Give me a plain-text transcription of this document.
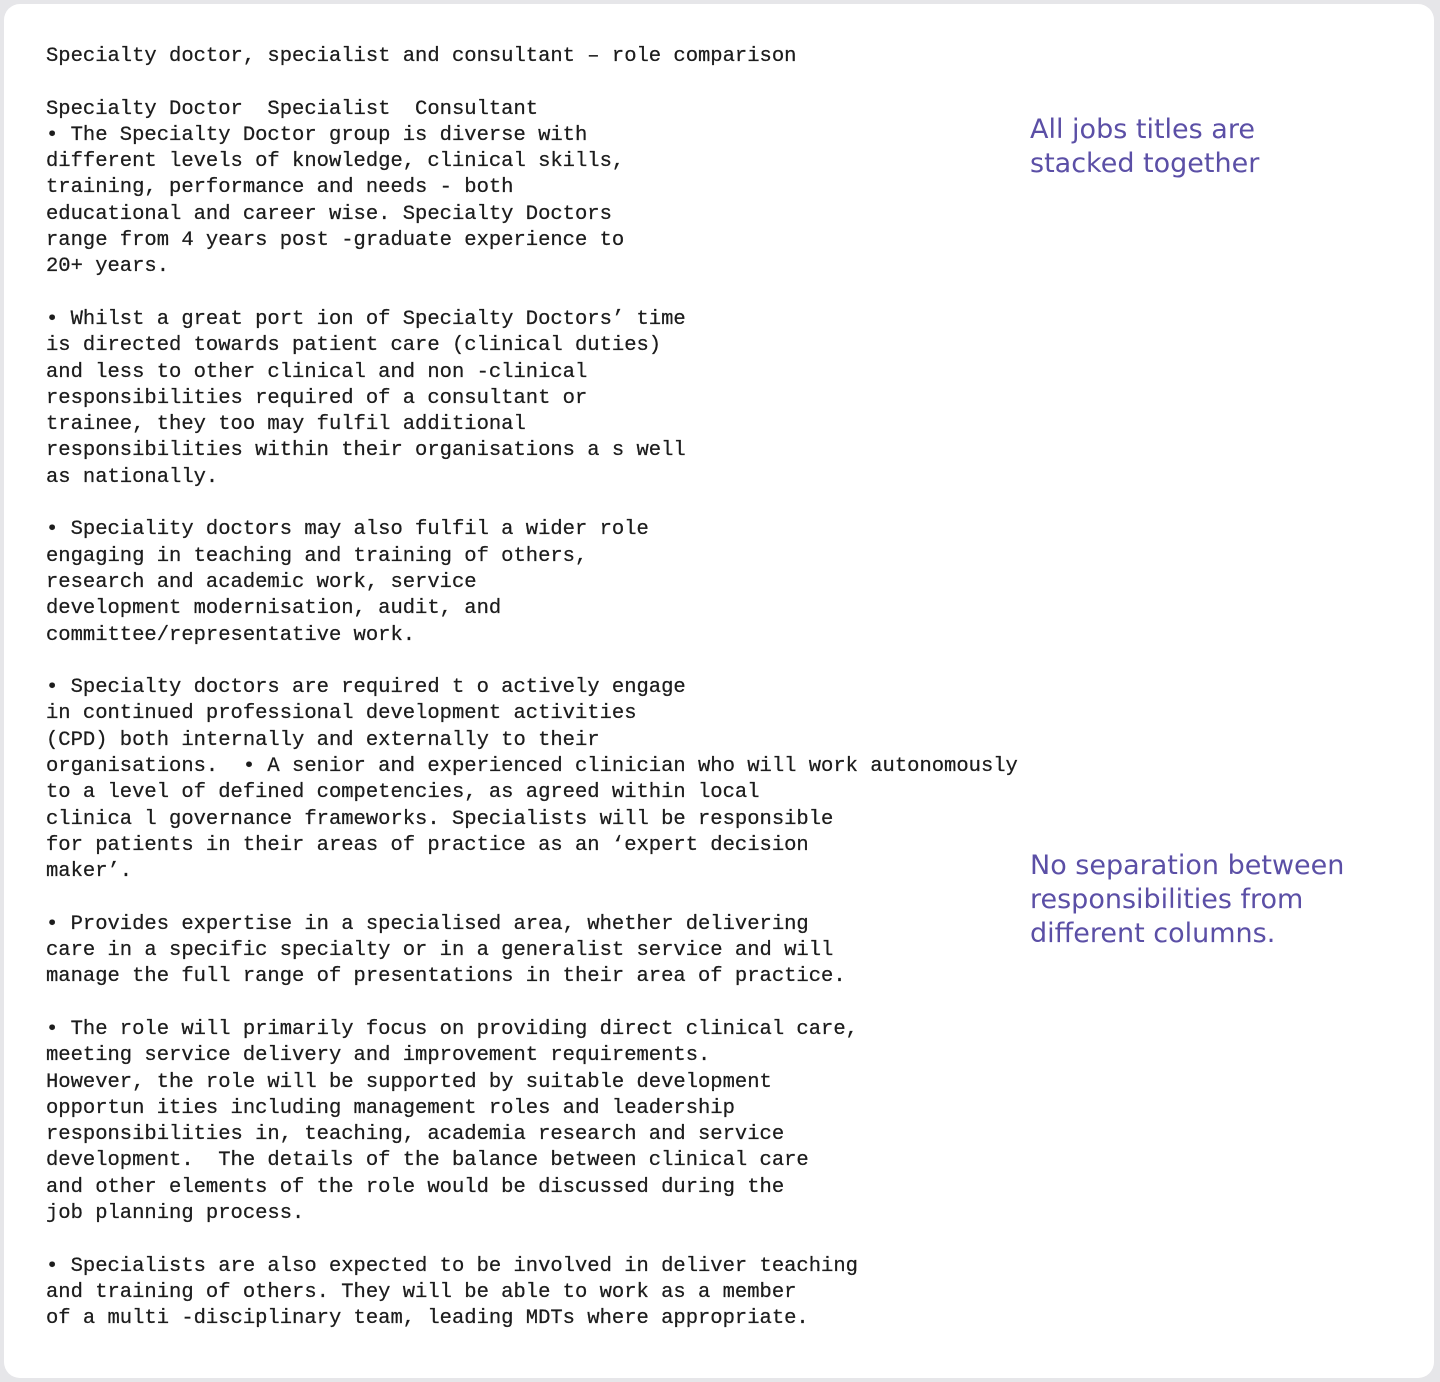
Specialty doctor, specialist and consultant – role comparison
Specialty Doctor  Specialist  Consultant
• The Specialty Doctor group is diverse with
different levels of knowledge, clinical skills,
training, performance and needs - both
educational and career wise. Specialty Doctors
range from 4 years post -graduate experience to
20+ years.
• Whilst a great port ion of Specialty Doctors’ time
is directed towards patient care (clinical duties)
and less to other clinical and non -clinical
responsibilities required of a consultant or
trainee, they too may fulfil additional
responsibilities within their organisations a s well
as nationally.
• Speciality doctors may also fulfil a wider role
engaging in teaching and training of others,
research and academic work, service
development modernisation, audit, and
committee/representative work.
• Specialty doctors are required t o actively engage
in continued professional development activities
(CPD) both internally and externally to their
organisations.  • A senior and experienced clinician who will work autonomously
to a level of defined competencies, as agreed within local
clinica l governance frameworks. Specialists will be responsible
for patients in their areas of practice as an ‘expert decision
maker’.
• Provides expertise in a specialised area, whether delivering
care in a specific specialty or in a generalist service and will
manage the full range of presentations in their area of practice.
• The role will primarily focus on providing direct clinical care,
meeting service delivery and improvement requirements.
However, the role will be supported by suitable development
opportun ities including management roles and leadership
responsibilities in, teaching, academia research and service
development.  The details of the balance between clinical care
and other elements of the role would be discussed during the
job planning process.
• Specialists are also expected to be involved in deliver teaching
and training of others. They will be able to work as a member
of a multi -disciplinary team, leading MDTs where appropriate.
All jobs titles are
stacked together
No separation between
responsibilities from
different columns.
